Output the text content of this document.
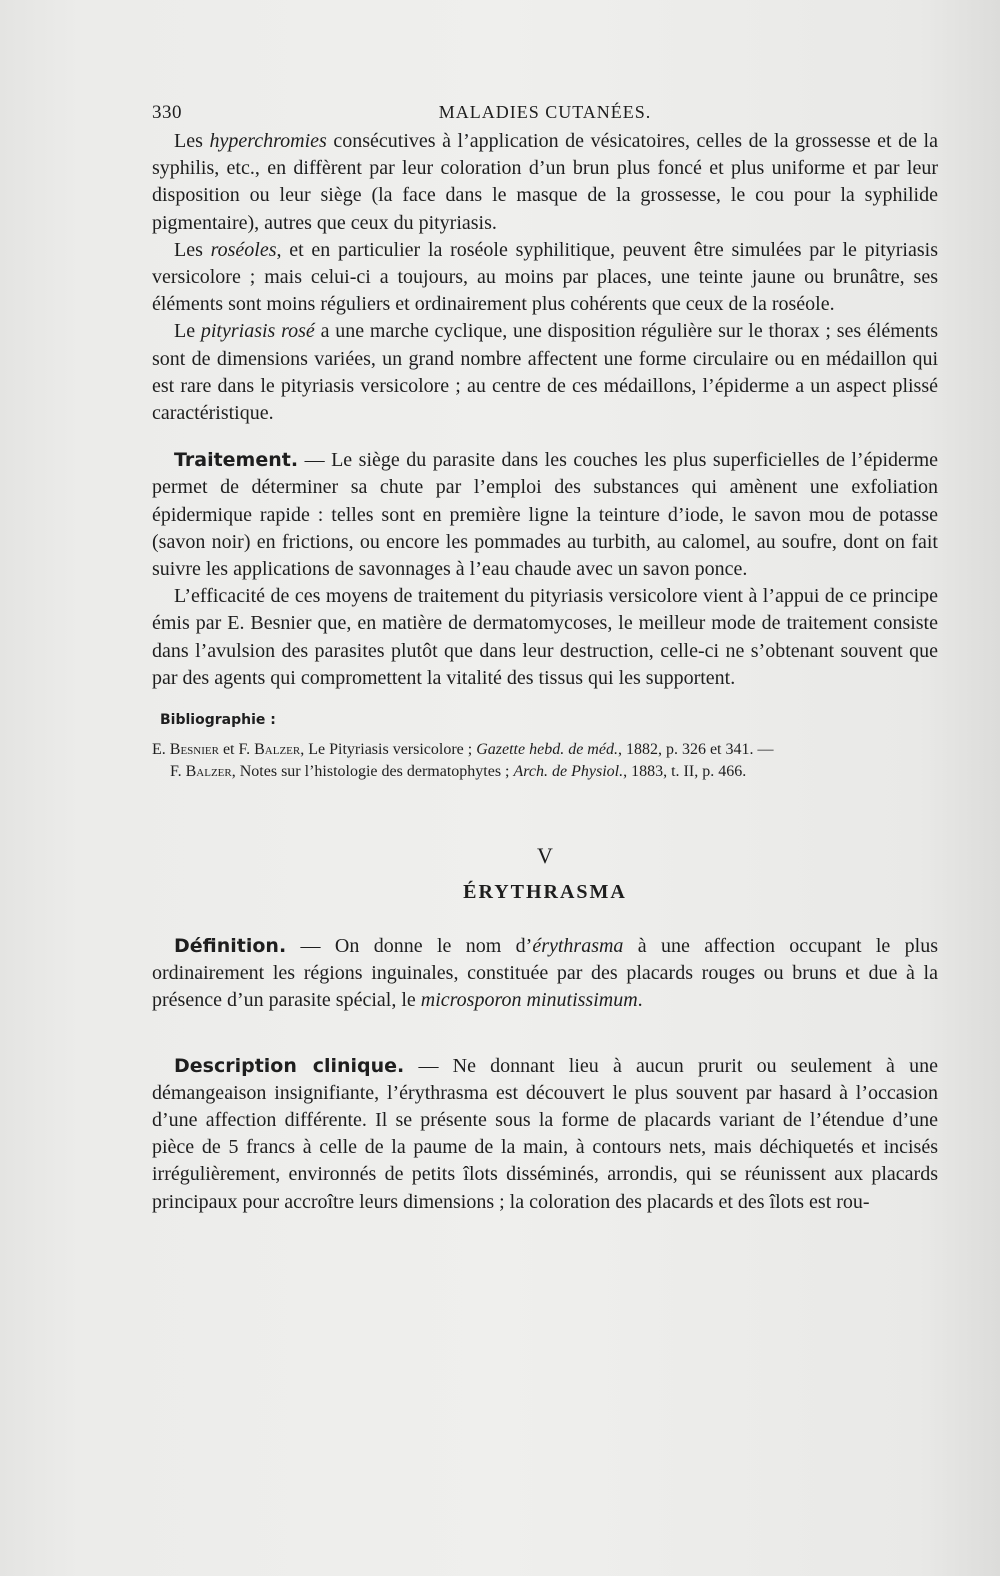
330	MALADIES CUTANÉES.

Les hyperchromies consécutives à l’application de vésicatoires, celles de la grossesse et de la syphilis, etc., en diffèrent par leur coloration d’un brun plus foncé et plus uniforme et par leur disposition ou leur siège (la face dans le masque de la grossesse, le cou pour la syphilide pigmentaire), autres que ceux du pityriasis.

Les roséoles, et en particulier la roséole syphilitique, peuvent être simulées par le pityriasis versicolore ; mais celui-ci a toujours, au moins par places, une teinte jaune ou brunâtre, ses éléments sont moins réguliers et ordinairement plus cohérents que ceux de la roséole.

Le pityriasis rosé a une marche cyclique, une disposition régulière sur le thorax ; ses éléments sont de dimensions variées, un grand nombre affectent une forme circulaire ou en médaillon qui est rare dans le pityriasis versicolore ; au centre de ces médaillons, l’épiderme a un aspect plissé caractéristique.

Traitement. — Le siège du parasite dans les couches les plus superficielles de l’épiderme permet de déterminer sa chute par l’emploi des substances qui amènent une exfoliation épidermique rapide : telles sont en première ligne la teinture d’iode, le savon mou de potasse (savon noir) en frictions, ou encore les pommades au turbith, au calomel, au soufre, dont on fait suivre les applications de savonnages à l’eau chaude avec un savon ponce.

L’efficacité de ces moyens de traitement du pityriasis versicolore vient à l’appui de ce principe émis par E. Besnier que, en matière de dermatomycoses, le meilleur mode de traitement consiste dans l’avulsion des parasites plutôt que dans leur destruction, celle-ci ne s’obtenant souvent que par des agents qui compromettent la vitalité des tissus qui les supportent.

Bibliographie :
E. Besnier et F. Balzer, Le Pityriasis versicolore ; Gazette hebd. de méd., 1882, p. 326 et 341. —
F. Balzer, Notes sur l’histologie des dermatophytes ; Arch. de Physiol., 1883, t. II, p. 466.
V
ÉRYTHRASMA

Définition. — On donne le nom d’érythrasma à une affection occupant le plus ordinairement les régions inguinales, constituée par des placards rouges ou bruns et due à la présence d’un parasite spécial, le microsporon minutissimum.

Description clinique. — Ne donnant lieu à aucun prurit ou seulement à une démangeaison insignifiante, l’érythrasma est découvert le plus souvent par hasard à l’occasion d’une affection différente. Il se présente sous la forme de placards variant de l’étendue d’une pièce de 5 francs à celle de la paume de la main, à contours nets, mais déchiquetés et incisés irrégulièrement, environnés de petits îlots disséminés, arrondis, qui se réunissent aux placards principaux pour accroître leurs dimensions ; la coloration des placards et des îlots est rou-
